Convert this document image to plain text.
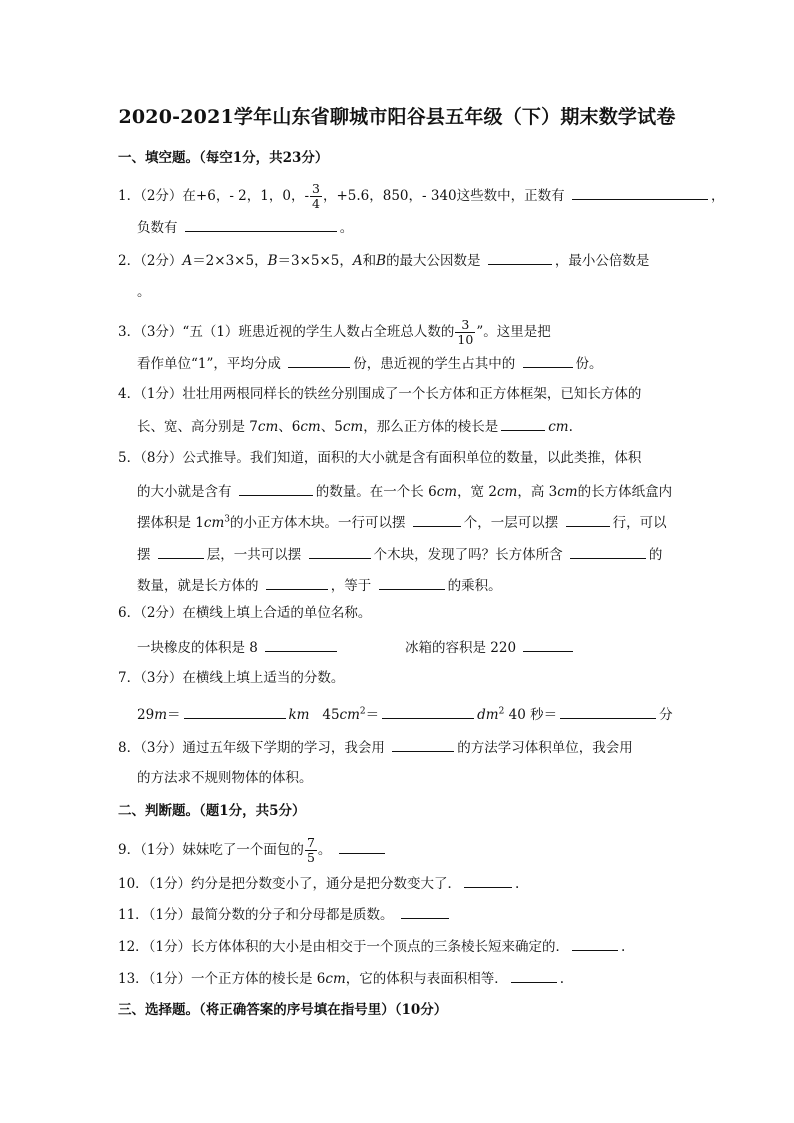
2020-2021学年山东省聊城市阳谷县五年级（下）期末数学试卷
一、填空题。（每空1分，共23分）
1．（2分）在+6，- 2，1，0，- $\frac{3}{4}$ ，+5.6，850，- 340这些数中，正数有	，
负数有	。
2．（2分）A＝2×3×5，B＝3×5×5，A和B的最大公因数是	，最小公倍数是
。
3．（3分）“五（1）班患近视的学生人数占全班总人数的 $\frac{3}{10}$ ”。这里是把
看作单位“1”，平均分成	份，患近视的学生占其中的	份。
4．（1分）壮壮用两根同样长的铁丝分别围成了一个长方体和正方体框架，已知长方体的
长、宽、高分别是 7cm、6cm、5cm，那么正方体的棱长是	cm.
5．（8分）公式推导。我们知道，面积的大小就是含有面积单位的数量，以此类推，体积
的大小就是含有	的数量。在一个长 6cm，宽 2cm，高 3cm的长方体纸盒内
摆体积是 $1cm^3$的小正方体木块。一行可以摆	个，一层可以摆	行，可以
摆	层，一共可以摆	个木块，发现了吗？长方体所含	的
数量，就是长方体的	，等于	的乘积。
6．（2分）在横线上填上合适的单位名称。
一块橡皮的体积是 8	冰箱的容积是 220
7．（3分）在横线上填上适当的分数。
29m＝	km $45cm^2=$	$dm^2$ 40 秒＝	分
8．（3分）通过五年级下学期的学习，我会用	的方法学习体积单位，我会用
的方法求不规则物体的体积。
二、判断题。（题1分，共5分）
9．（1分）妹妹吃了一个面包的 $\frac{7}{5}$ 。
10．（1分）约分是把分数变小了，通分是把分数变大了．	.
11．（1分）最简分数的分子和分母都是质数。
12．（1分）长方体体积的大小是由相交于一个顶点的三条棱长短来确定的．	.
13．（1分）一个正方体的棱长是 6cm，它的体积与表面积相等．	.
三、选择题。（将正确答案的序号填在指号里）（10分）
